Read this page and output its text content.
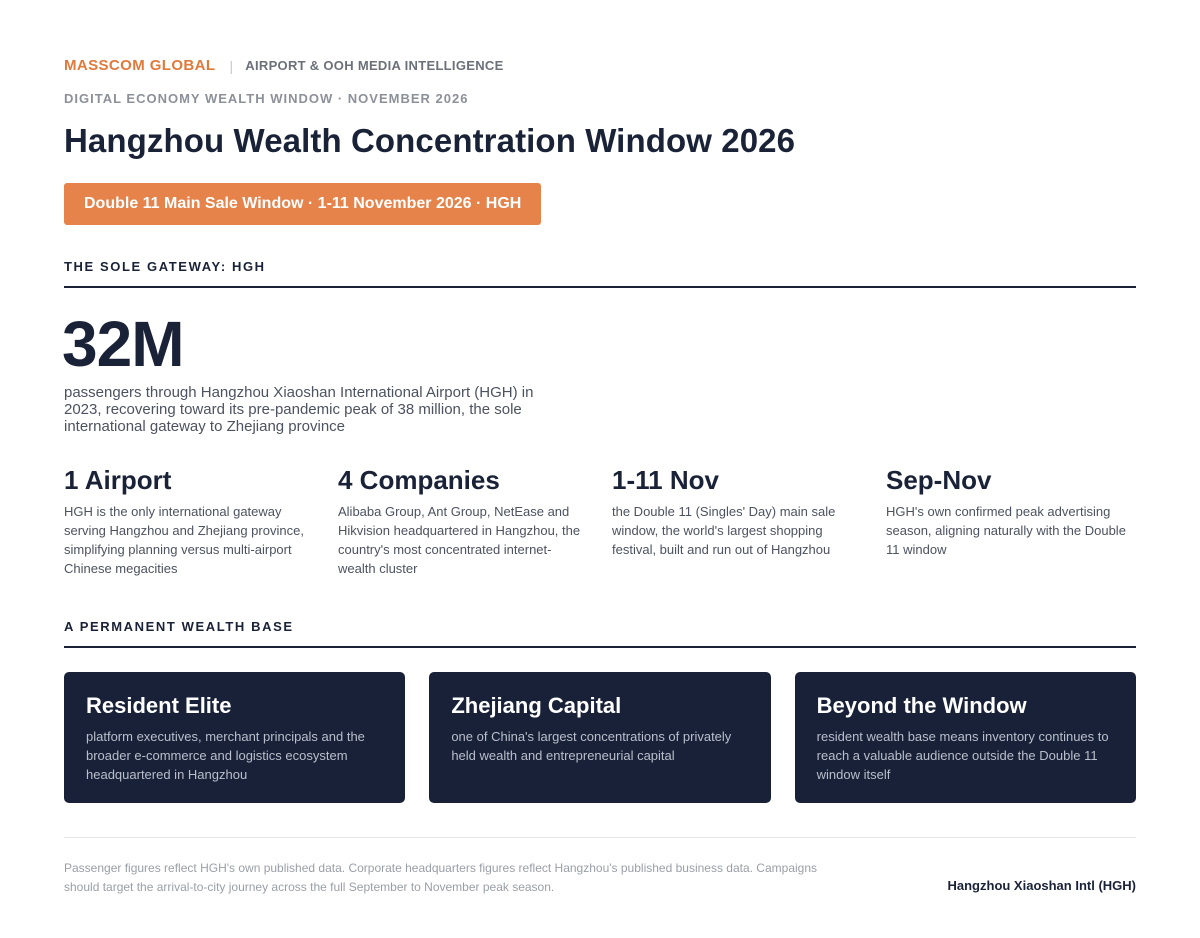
MASSCOM GLOBAL | AIRPORT & OOH MEDIA INTELLIGENCE
DIGITAL ECONOMY WEALTH WINDOW · NOVEMBER 2026
Hangzhou Wealth Concentration Window 2026
Double 11 Main Sale Window · 1-11 November 2026 · HGH
THE SOLE GATEWAY: HGH
32M
passengers through Hangzhou Xiaoshan International Airport (HGH) in 2023, recovering toward its pre-pandemic peak of 38 million, the sole international gateway to Zhejiang province
1 Airport
HGH is the only international gateway serving Hangzhou and Zhejiang province, simplifying planning versus multi-airport Chinese megacities
4 Companies
Alibaba Group, Ant Group, NetEase and Hikvision headquartered in Hangzhou, the country's most concentrated internet-wealth cluster
1-11 Nov
the Double 11 (Singles' Day) main sale window, the world's largest shopping festival, built and run out of Hangzhou
Sep-Nov
HGH's own confirmed peak advertising season, aligning naturally with the Double 11 window
A PERMANENT WEALTH BASE
Resident Elite
platform executives, merchant principals and the broader e-commerce and logistics ecosystem headquartered in Hangzhou
Zhejiang Capital
one of China's largest concentrations of privately held wealth and entrepreneurial capital
Beyond the Window
resident wealth base means inventory continues to reach a valuable audience outside the Double 11 window itself
Passenger figures reflect HGH's own published data. Corporate headquarters figures reflect Hangzhou's published business data. Campaigns should target the arrival-to-city journey across the full September to November peak season.	Hangzhou Xiaoshan Intl (HGH)
